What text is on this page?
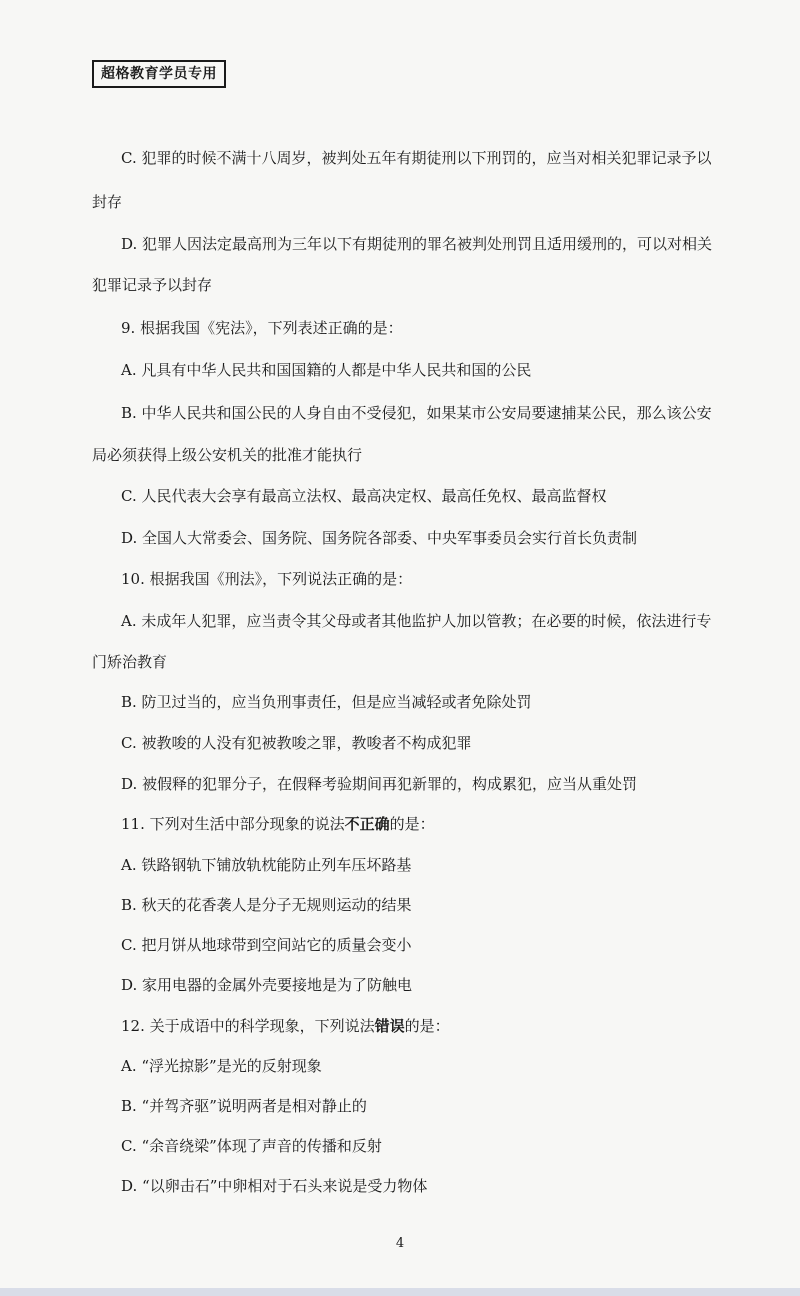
超格教育学员专用
C. 犯罪的时候不满十八周岁，被判处五年有期徒刑以下刑罚的，应当对相关犯罪记录予以
封存
D. 犯罪人因法定最高刑为三年以下有期徒刑的罪名被判处刑罚且适用缓刑的，可以对相关
犯罪记录予以封存
9. 根据我国《宪法》，下列表述正确的是：
A. 凡具有中华人民共和国国籍的人都是中华人民共和国的公民
B. 中华人民共和国公民的人身自由不受侵犯，如果某市公安局要逮捕某公民，那么该公安
局必须获得上级公安机关的批准才能执行
C. 人民代表大会享有最高立法权、最高决定权、最高任免权、最高监督权
D. 全国人大常委会、国务院、国务院各部委、中央军事委员会实行首长负责制
10. 根据我国《刑法》，下列说法正确的是：
A. 未成年人犯罪，应当责令其父母或者其他监护人加以管教；在必要的时候，依法进行专
门矫治教育
B. 防卫过当的，应当负刑事责任，但是应当减轻或者免除处罚
C. 被教唆的人没有犯被教唆之罪，教唆者不构成犯罪
D. 被假释的犯罪分子，在假释考验期间再犯新罪的，构成累犯，应当从重处罚
11. 下列对生活中部分现象的说法不正确的是：
A. 铁路钢轨下铺放轨枕能防止列车压坏路基
B. 秋天的花香袭人是分子无规则运动的结果
C. 把月饼从地球带到空间站它的质量会变小
D. 家用电器的金属外壳要接地是为了防触电
12. 关于成语中的科学现象，下列说法错误的是：
A. “浮光掠影”是光的反射现象
B. “并驾齐驱”说明两者是相对静止的
C. “余音绕梁”体现了声音的传播和反射
D. “以卵击石”中卵相对于石头来说是受力物体
4
